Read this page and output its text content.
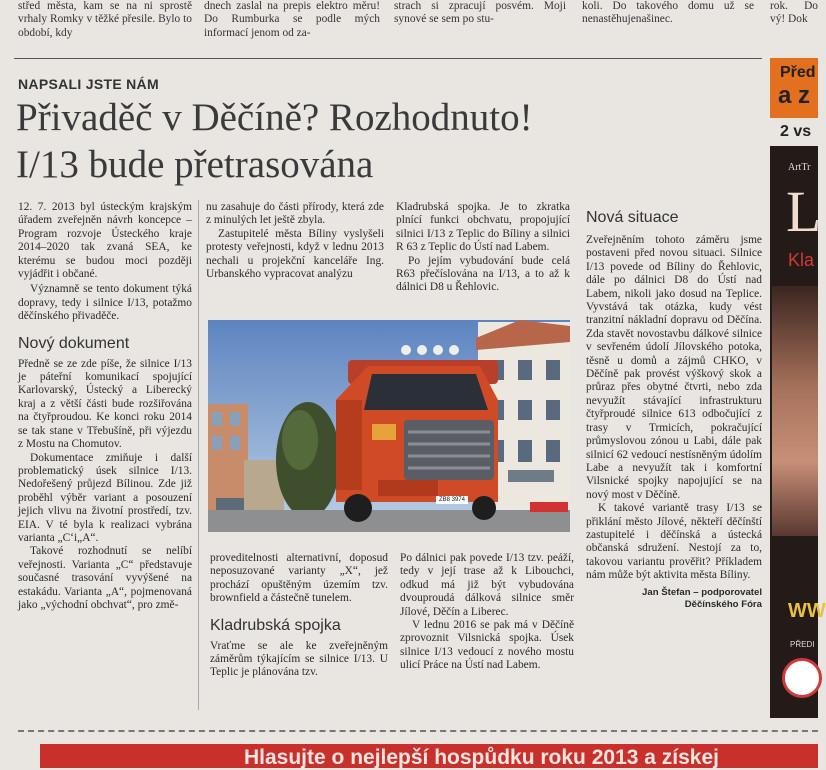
střed města, kam se na ni sprostě vrhaly Romky v těžké přesile. Bylo to období, kdy
dnech zaslal na prepis elektro měru! Do Rumburka se podle mých informací jenom od za-
strach si zpracují posvém. Moji synové se sem po stu-
koli. Do takového domu už se nenastěhujenašinec.
rok. Do vý! Dok
NAPSALI JSTE NÁM
Přivaděč v Děčíně? Rozhodnuto!
I/13 bude přetrasována

12. 7. 2013 byl ústeckým krajským úřadem zveřejněn návrh koncepce – Program rozvoje Ústeckého kraje 2014–2020 tak zvaná SEA, ke kterému se budou moci později vyjádřit i občané.

Významně se tento dokument týká dopravy, tedy i silnice I/13, potažmo děčínského přivaděče.

Nový dokument

Předně se ze zde píše, že silnice I/13 je páteřní komunikací spojující Karlovarský, Ústecký a Liberecký kraj a z větší části bude rozšiřována na čtyřproudou. Ke konci roku 2014 se tak stane v Třebušíně, při výjezdu z Mostu na Chomutov.

Dokumentace zmiňuje i další problematický úsek silnice I/13. Nedořešený průjezd Bílinou. Zde již proběhl výběr variant a posouzení jejich vlivu na životní prostředí, tzv. EIA. V té byla k realizaci vybrána varianta „C‘i„A“.

Takové rozhodnutí se nelíbí veřejnosti. Varianta „C“ představuje současné trasování vyvýšené na estakádu. Varianta „A“, pojmenovaná jako „východní obchvat“, pro změ-

nu zasahuje do části přírody, která zde z minulých let ještě zbyla.

Zastupitelé města Bíliny vyslyšeli protesty veřejnosti, když v lednu 2013 nechali u projekční kanceláře Ing. Urbanského vypracovat analýzu

Kladrubská spojka. Je to zkratka plnící funkci obchvatu, propojující silnici I/13 z Teplic do Bíliny a silnici R 63 z Teplic do Ústí nad Labem.

Po jejím vybudování bude celá R63 přečíslována na I/13, a to až k dálnici D8 u Řehlovic.

ZB8 3974

proveditelnosti alternativní, doposud neposuzované varianty „X“, jež prochází opuštěným územím tzv. brownfield a částečně tunelem.

Kladrubská spojka

Vraťme se ale ke zveřejněným záměrům týkajícím se silnice I/13. U Teplic je plánována tzv.

Po dálnici pak povede I/13 tzv. peáží, tedy v její trase až k Libouchci, odkud má již být vybudována dvouproudá dálková silnice směr Jílové, Děčín a Liberec.

V lednu 2016 se pak má v Děčíně zprovoznit Vilsnická spojka. Úsek silnice I/13 vedoucí z nového mostu ulicí Práce na Ústí nad Labem.

Nová situace

Zveřejněním tohoto záměru jsme postaveni před novou situaci. Silnice I/13 povede od Bíliny do Řehlovic, dále po dálnici D8 do Ústí nad Labem, nikoli jako dosud na Teplice. Vyvstává tak otázka, kudy vést tranzitní nákladní dopravu od Děčína. Zda stavět novostavbu dálkové silnice v sevřeném údolí Jílovského potoka, těsně u domů a zájmů CHKO, v Děčíně pak provést výškový skok a průraz přes obytné čtvrti, nebo zda nevyužít stávající infrastrukturu čtyřproudé silnice 613 odbočující z trasy v Trmicích, pokračující průmyslovou zónou u Labi, dále pak silnicí 62 vedoucí nestísněným údolím Labe a nevyužít tak i komfortní Vilsnické spojky napojující se na nový most v Děčíně.

K takové variantě trasy I/13 se přiklání město Jílové, někteří děčínští zastupitelé i děčínská a ústecká občanská sdružení. Nestojí za to, takovou variantu prověřit? Příkladem nám může být aktivita města Bíliny.

Jan Štefan – podporovatel Děčínského Fóra
Před
a z
2 vs
ArtTr
L
Kla
WW
PŘEDI
Hlasujte o nejlepší hospůdku roku 2013 a získej
